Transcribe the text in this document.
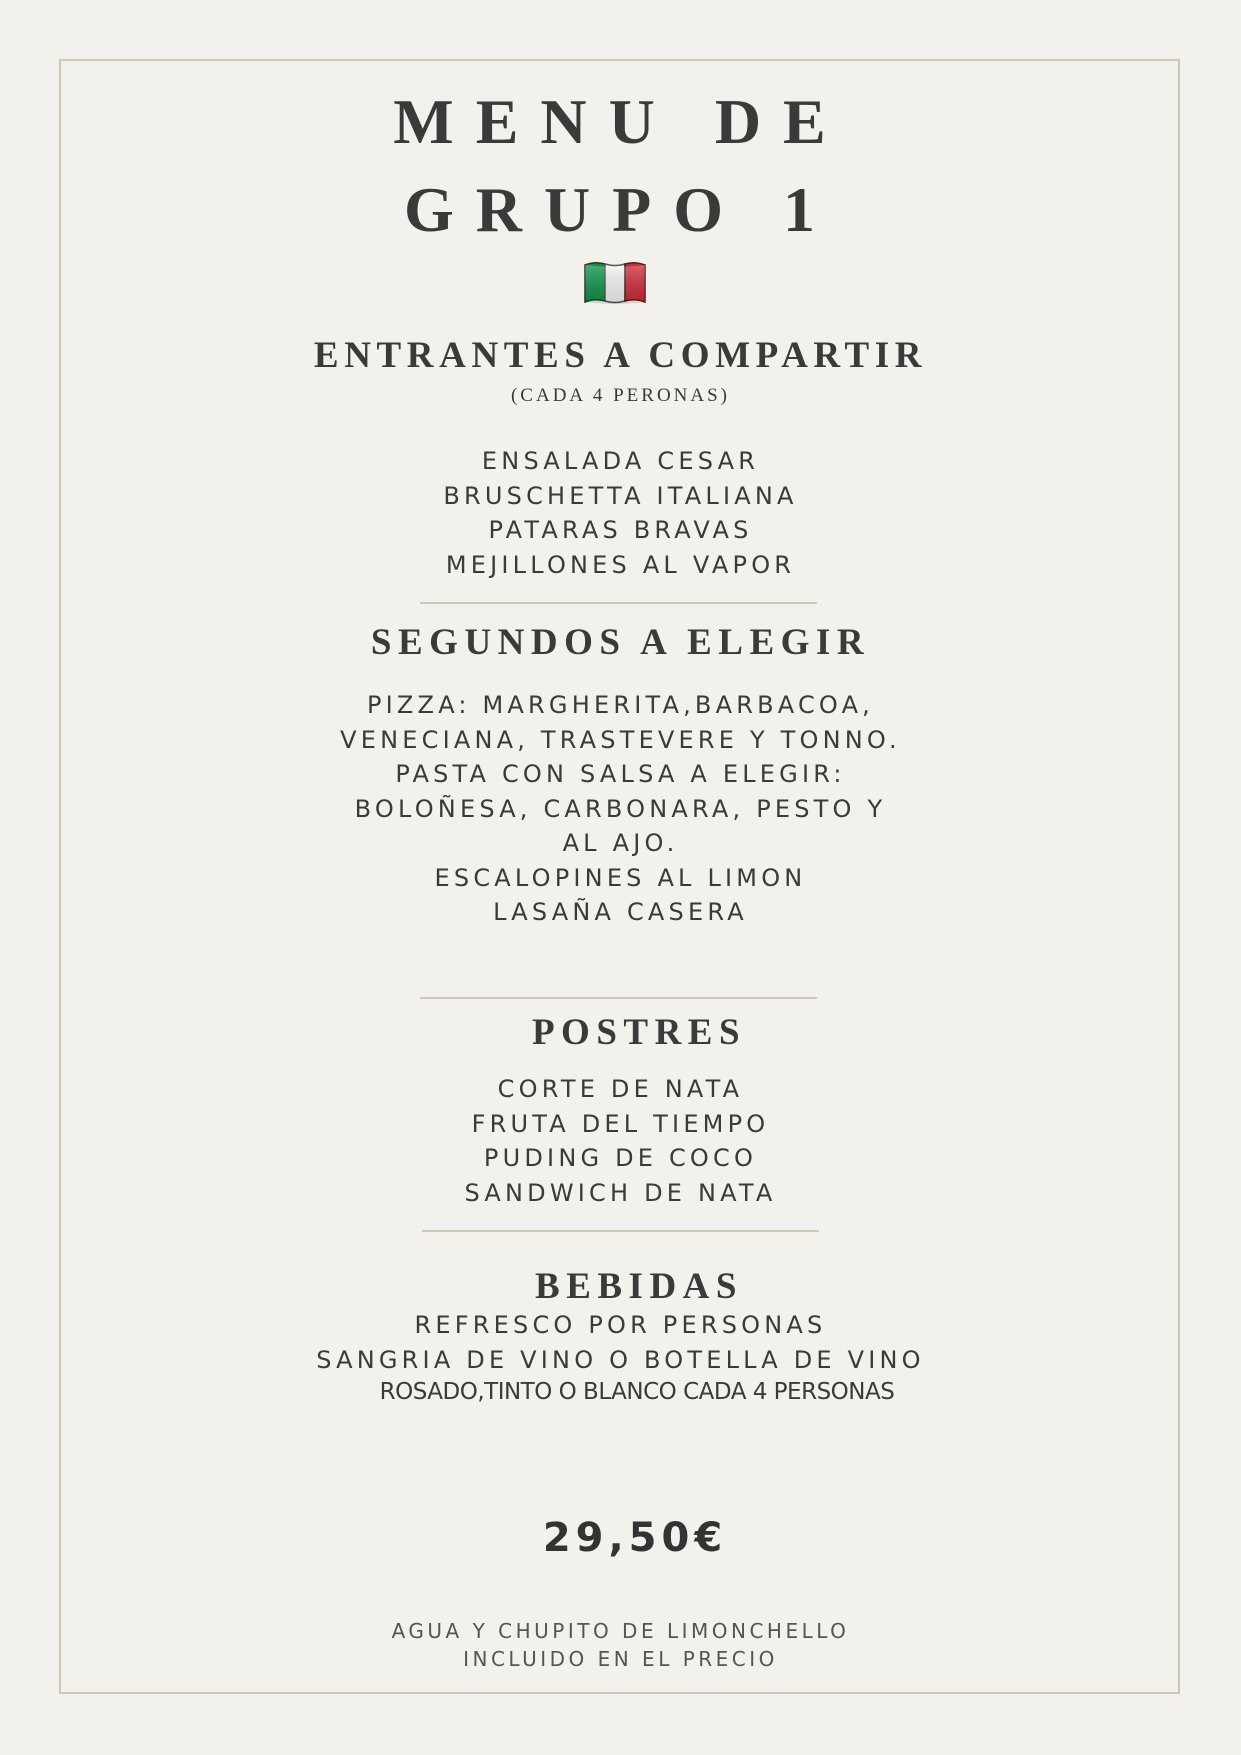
MENU DE
GRUPO 1
ENTRANTES A COMPARTIR
(CADA 4 PERONAS)
ENSALADA CESAR
BRUSCHETTA ITALIANA
PATARAS BRAVAS
MEJILLONES AL VAPOR
SEGUNDOS A ELEGIR
PIZZA: MARGHERITA,BARBACOA,
VENECIANA, TRASTEVERE Y TONNO.
PASTA CON SALSA A ELEGIR:
BOLOÑESA, CARBONARA, PESTO Y
AL AJO.
ESCALOPINES AL LIMON
LASAÑA CASERA
POSTRES
CORTE DE NATA
FRUTA DEL TIEMPO
PUDING DE COCO
SANDWICH DE NATA
BEBIDAS
REFRESCO POR PERSONAS
SANGRIA DE VINO O BOTELLA DE VINO
ROSADO,TINTO O BLANCO CADA 4 PERSONAS
29,50€
AGUA Y CHUPITO DE LIMONCHELLO
INCLUIDO EN EL PRECIO
